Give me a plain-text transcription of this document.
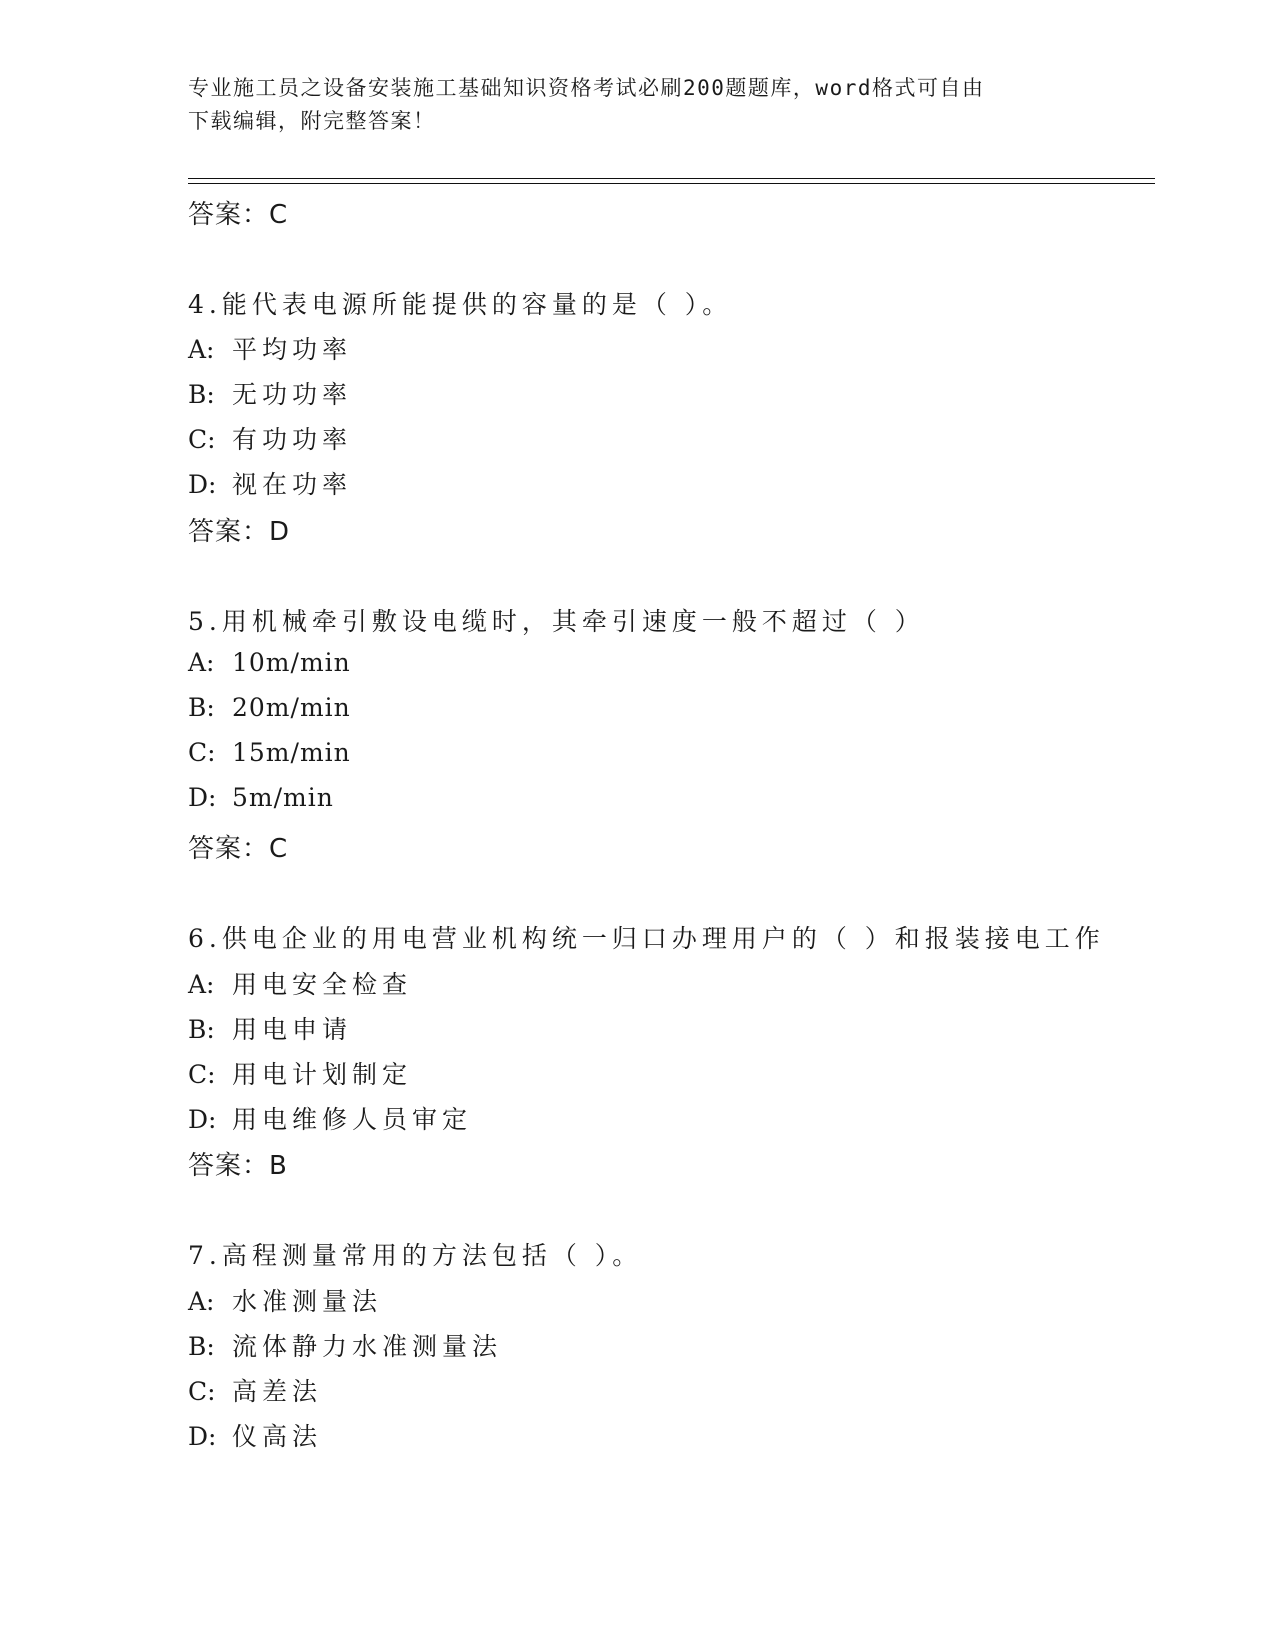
专业施工员之设备安装施工基础知识资格考试必刷200题题库，word格式可自由
下载编辑，附完整答案！
答案：C
4.能代表电源所能提供的容量的是（ ）。
A: 平均功率
B: 无功功率
C: 有功功率
D: 视在功率
答案：D
5.用机械牵引敷设电缆时，其牵引速度一般不超过（ ）
A: 10m/min
B: 20m/min
C: 15m/min
D: 5m/min
答案：C
6.供电企业的用电营业机构统一归口办理用户的（ ）和报装接电工作
A: 用电安全检查
B: 用电申请
C: 用电计划制定
D: 用电维修人员审定
答案：B
7.高程测量常用的方法包括（ ）。
A: 水准测量法
B: 流体静力水准测量法
C: 高差法
D: 仪高法
